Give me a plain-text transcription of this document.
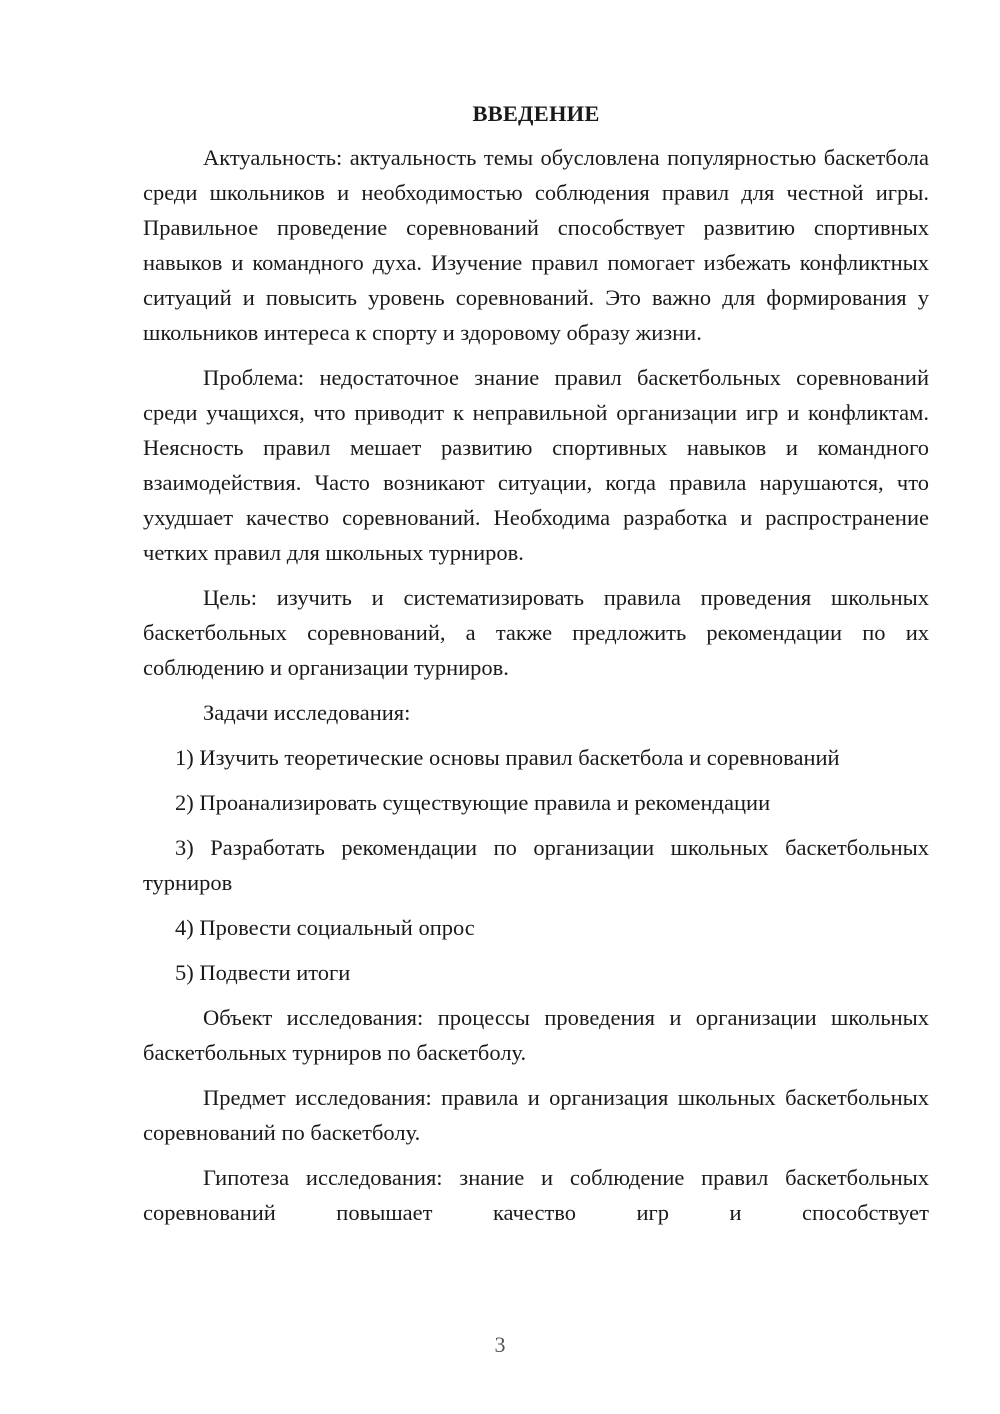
ВВЕДЕНИЕ

Актуальность: актуальность темы обусловлена популярностью баскетбола среди школьников и необходимостью соблюдения правил для честной игры. Правильное проведение соревнований способствует развитию спортивных навыков и командного духа. Изучение правил помогает избежать конфликтных ситуаций и повысить уровень соревнований. Это важно для формирования у школьников интереса к спорту и здоровому образу жизни.

Проблема: недостаточное знание правил баскетбольных соревнований среди учащихся, что приводит к неправильной организации игр и конфликтам. Неясность правил мешает развитию спортивных навыков и командного взаимодействия. Часто возникают ситуации, когда правила нарушаются, что ухудшает качество соревнований. Необходима разработка и распространение четких правил для школьных турниров.

Цель: изучить и систематизировать правила проведения школьных баскетбольных соревнований, а также предложить рекомендации по их соблюдению и организации турниров.

Задачи исследования:

1) Изучить теоретические основы правил баскетбола и соревнований

2) Проанализировать существующие правила и рекомендации

3) Разработать рекомендации по организации школьных баскетбольных турниров

4) Провести социальный опрос

5) Подвести итоги

Объект исследования: процессы проведения и организации школьных баскетбольных турниров по баскетболу.

Предмет исследования: правила и организация школьных баскетбольных соревнований по баскетболу.

Гипотеза исследования: знание и соблюдение правил баскетбольных соревнований повышает качество игр и способствует

3
